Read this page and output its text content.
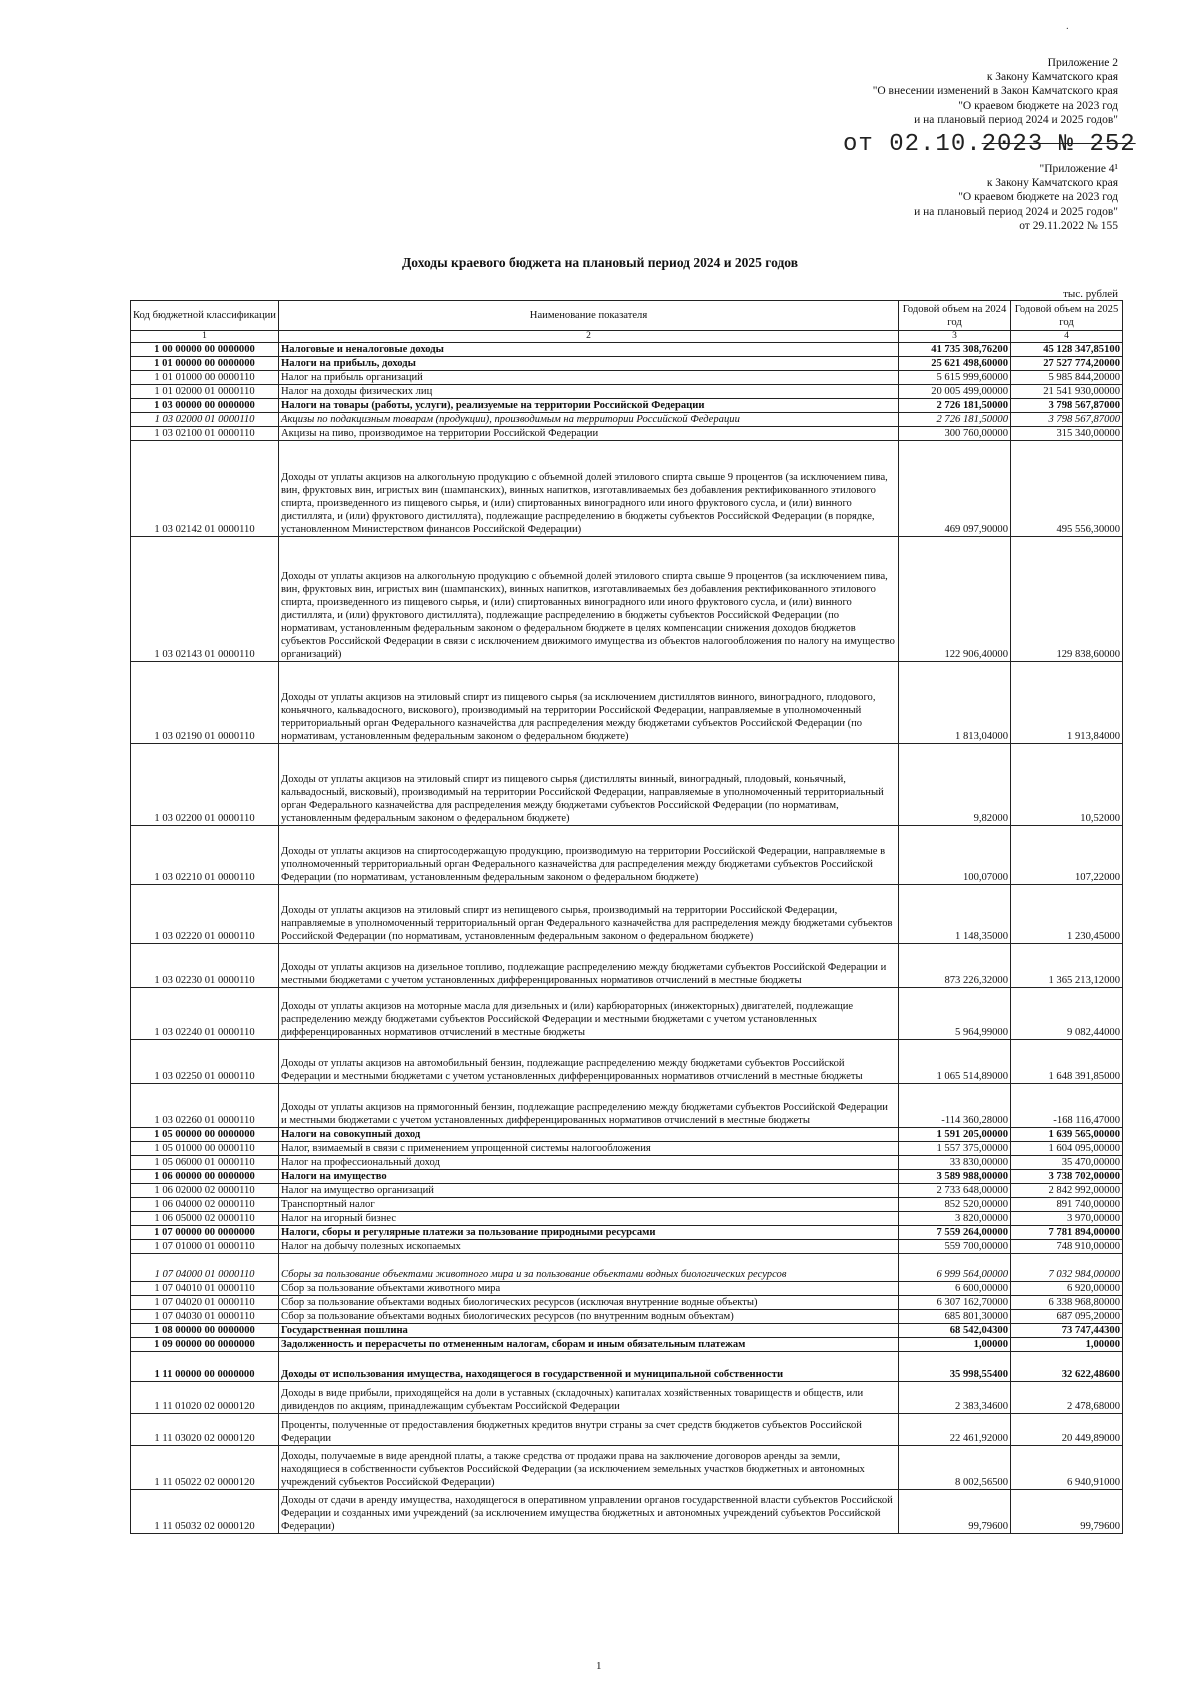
.
Приложение 2
к Закону Камчатского края
"О внесении изменений в Закон Камчатского края
"О краевом бюджете на 2023 год
и на плановый период 2024 и 2025 годов"
от 02.10.2023 № 252
"Приложение 4¹
к Закону Камчатского края
"О краевом бюджете на 2023 год
и на плановый период 2024 и 2025 годов"
от 29.11.2022 № 155
Доходы краевого бюджета на плановый период 2024 и 2025 годов
тыс. рублей
Код бюджетной классификации	Наименование показателя	Годовой объем на 2024 год	Годовой объем на 2025 год
1	2	3	4
1 00 00000 00 0000000	Налоговые и неналоговые доходы	41 735 308,76200	45 128 347,85100
1 01 00000 00 0000000	Налоги на прибыль, доходы	25 621 498,60000	27 527 774,20000
1 01 01000 00 0000110	Налог на прибыль организаций	5 615 999,60000	5 985 844,20000
1 01 02000 01 0000110	Налог на доходы физических лиц	20 005 499,00000	21 541 930,00000
1 03 00000 00 0000000	Налоги на товары (работы, услуги), реализуемые на территории Российской Федерации	2 726 181,50000	3 798 567,87000
1 03 02000 01 0000110	Акцизы по подакцизным товарам (продукции), производимым на территории Российской Федерации	2 726 181,50000	3 798 567,87000
1 03 02100 01 0000110	Акцизы на пиво, производимое на территории Российской Федерации	300 760,00000	315 340,00000
1 03 02142 01 0000110	Доходы от уплаты акцизов на алкогольную продукцию с объемной долей этилового спирта свыше 9 процентов (за исключением пива, вин, фруктовых вин, игристых вин (шампанских), винных напитков, изготавливаемых без добавления ректификованного этилового спирта, произведенного из пищевого сырья, и (или) спиртованных виноградного или иного фруктового сусла, и (или) винного дистиллята, и (или) фруктового дистиллята), подлежащие распределению в бюджеты субъектов Российской Федерации (в порядке, установленном Министерством финансов Российской Федерации)	469 097,90000	495 556,30000
1 03 02143 01 0000110	Доходы от уплаты акцизов на алкогольную продукцию с объемной долей этилового спирта свыше 9 процентов (за исключением пива, вин, фруктовых вин, игристых вин (шампанских), винных напитков, изготавливаемых без добавления ректификованного этилового спирта, произведенного из пищевого сырья, и (или) спиртованных виноградного или иного фруктового сусла, и (или) винного дистиллята, и (или) фруктового дистиллята), подлежащие распределению в бюджеты субъектов Российской Федерации (по нормативам, установленным федеральным законом о федеральном бюджете в целях компенсации снижения доходов бюджетов субъектов Российской Федерации в связи с исключением движимого имущества из объектов налогообложения по налогу на имущество организаций)	122 906,40000	129 838,60000
1 03 02190 01 0000110	Доходы от уплаты акцизов на этиловый спирт из пищевого сырья (за исключением дистиллятов винного, виноградного, плодового, коньячного, кальвадосного, вискового), производимый на территории Российской Федерации, направляемые в уполномоченный территориальный орган Федерального казначейства для распределения между бюджетами субъектов Российской Федерации (по нормативам, установленным федеральным законом о федеральном бюджете)	1 813,04000	1 913,84000
1 03 02200 01 0000110	Доходы от уплаты акцизов на этиловый спирт из пищевого сырья (дистилляты винный, виноградный, плодовый, коньячный, кальвадосный, висковый), производимый на территории Российской Федерации, направляемые в уполномоченный территориальный орган Федерального казначейства для распределения между бюджетами субъектов Российской Федерации (по нормативам, установленным федеральным законом о федеральном бюджете)	9,82000	10,52000
1 03 02210 01 0000110	Доходы от уплаты акцизов на спиртосодержащую продукцию, производимую на территории Российской Федерации, направляемые в уполномоченный территориальный орган Федерального казначейства для распределения между бюджетами субъектов Российской Федерации (по нормативам, установленным федеральным законом о федеральном бюджете)	100,07000	107,22000
1 03 02220 01 0000110	Доходы от уплаты акцизов на этиловый спирт из непищевого сырья, производимый на территории Российской Федерации, направляемые в уполномоченный территориальный орган Федерального казначейства для распределения между бюджетами субъектов Российской Федерации (по нормативам, установленным федеральным законом о федеральном бюджете)	1 148,35000	1 230,45000
1 03 02230 01 0000110	Доходы от уплаты акцизов на дизельное топливо, подлежащие распределению между бюджетами субъектов Российской Федерации и местными бюджетами с учетом установленных дифференцированных нормативов отчислений в местные бюджеты	873 226,32000	1 365 213,12000
1 03 02240 01 0000110	Доходы от уплаты акцизов на моторные масла для дизельных и (или) карбюраторных (инжекторных) двигателей, подлежащие распределению между бюджетами субъектов Российской Федерации и местными бюджетами с учетом установленных дифференцированных нормативов отчислений в местные бюджеты	5 964,99000	9 082,44000
1 03 02250 01 0000110	Доходы от уплаты акцизов на автомобильный бензин, подлежащие распределению между бюджетами субъектов Российской Федерации и местными бюджетами с учетом установленных дифференцированных нормативов отчислений в местные бюджеты	1 065 514,89000	1 648 391,85000
1 03 02260 01 0000110	Доходы от уплаты акцизов на прямогонный бензин, подлежащие распределению между бюджетами субъектов Российской Федерации и местными бюджетами с учетом установленных дифференцированных нормативов отчислений в местные бюджеты	-114 360,28000	-168 116,47000
1 05 00000 00 0000000	Налоги на совокупный доход	1 591 205,00000	1 639 565,00000
1 05 01000 00 0000110	Налог, взимаемый в связи с применением упрощенной системы налогообложения	1 557 375,00000	1 604 095,00000
1 05 06000 01 0000110	Налог на профессиональный доход	33 830,00000	35 470,00000
1 06 00000 00 0000000	Налоги на имущество	3 589 988,00000	3 738 702,00000
1 06 02000 02 0000110	Налог на имущество организаций	2 733 648,00000	2 842 992,00000
1 06 04000 02 0000110	Транспортный налог	852 520,00000	891 740,00000
1 06 05000 02 0000110	Налог на игорный бизнес	3 820,00000	3 970,00000
1 07 00000 00 0000000	Налоги, сборы и регулярные платежи за пользование природными ресурсами	7 559 264,00000	7 781 894,00000
1 07 01000 01 0000110	Налог на добычу полезных ископаемых	559 700,00000	748 910,00000
1 07 04000 01 0000110	Сборы за пользование объектами животного мира и за пользование объектами водных биологических ресурсов	6 999 564,00000	7 032 984,00000
1 07 04010 01 0000110	Сбор за пользование объектами животного мира	6 600,00000	6 920,00000
1 07 04020 01 0000110	Сбор за пользование объектами водных биологических ресурсов (исключая внутренние водные объекты)	6 307 162,70000	6 338 968,80000
1 07 04030 01 0000110	Сбор за пользование объектами водных биологических ресурсов (по внутренним водным объектам)	685 801,30000	687 095,20000
1 08 00000 00 0000000	Государственная пошлина	68 542,04300	73 747,44300
1 09 00000 00 0000000	Задолженность и перерасчеты по отмененным налогам, сборам и иным обязательным платежам	1,00000	1,00000
1 11 00000 00 0000000	Доходы от использования имущества, находящегося в государственной и муниципальной собственности	35 998,55400	32 622,48600
1 11 01020 02 0000120	Доходы в виде прибыли, приходящейся на доли в уставных (складочных) капиталах хозяйственных товариществ и обществ, или дивидендов по акциям, принадлежащим субъектам Российской Федерации	2 383,34600	2 478,68000
1 11 03020 02 0000120	Проценты, полученные от предоставления бюджетных кредитов внутри страны за счет средств бюджетов субъектов Российской Федерации	22 461,92000	20 449,89000
1 11 05022 02 0000120	Доходы, получаемые в виде арендной платы, а также средства от продажи права на заключение договоров аренды за земли, находящиеся в собственности субъектов Российской Федерации (за исключением земельных участков бюджетных и автономных учреждений субъектов Российской Федерации)	8 002,56500	6 940,91000
1 11 05032 02 0000120	Доходы от сдачи в аренду имущества, находящегося в оперативном управлении органов государственной власти субъектов Российской Федерации и созданных ими учреждений (за исключением имущества бюджетных и автономных учреждений субъектов Российской Федерации)	99,79600	99,79600
1
